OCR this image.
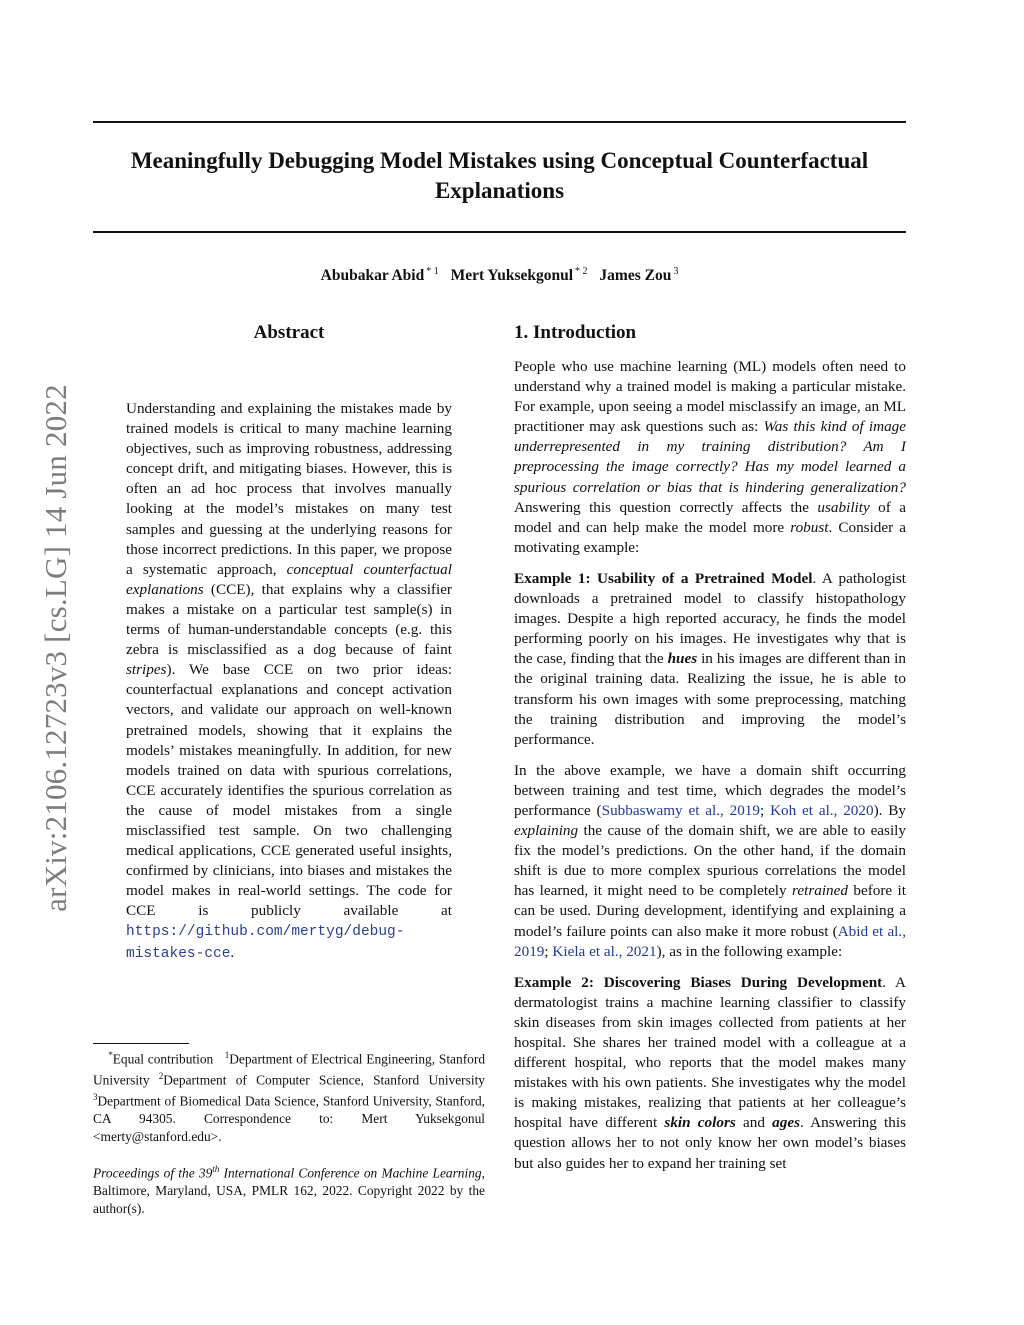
Meaningfully Debugging Model Mistakes using Conceptual Counterfactual
Explanations
Abubakar Abid $^{* 1}$ Mert Yuksekgonul $^{* 2}$ James Zou $^3$
arXiv:2106.12723v3 [cs.LG] 14 Jun 2022
Abstract	1. Introduction

Understanding and explaining the mistakes made by trained models is critical to many machine learning objectives, such as improving robustness, addressing concept drift, and mitigating biases. However, this is often an ad hoc process that involves manually looking at the model’s mistakes on many test samples and guessing at the underlying reasons for those incorrect predictions. In this paper, we propose a systematic approach, conceptual counterfactual explanations (CCE), that explains why a classifier makes a mistake on a particular test sample(s) in terms of human-understandable concepts (e.g. this zebra is misclassified as a dog because of faint stripes). We base CCE on two prior ideas: counterfactual explanations and concept activation vectors, and validate our approach on well-known pretrained models, showing that it explains the models’ mistakes meaningfully. In addition, for new models trained on data with spurious correlations, CCE accurately identifies the spurious correlation as the cause of model mistakes from a single misclassified test sample. On two challenging medical applications, CCE generated useful insights, confirmed by clinicians, into biases and mistakes the model makes in real-world settings. The code for CCE is publicly available at https://github.com/mertyg/debug-mistakes-cce.

*Equal contribution $^1$Department of Electrical Engineering, Stanford University $^2$Department of Computer Science, Stanford University $^3$Department of Biomedical Data Science, Stanford University, Stanford, CA 94305. Correspondence to: Mert Yuksekgonul <merty@stanford.edu>.

Proceedings of the 39th International Conference on Machine Learning, Baltimore, Maryland, USA, PMLR 162, 2022. Copyright 2022 by the author(s).

People who use machine learning (ML) models often need to understand why a trained model is making a particular mistake. For example, upon seeing a model misclassify an image, an ML practitioner may ask questions such as: Was this kind of image underrepresented in my training distribution? Am I preprocessing the image correctly? Has my model learned a spurious correlation or bias that is hindering generalization? Answering this question correctly affects the usability of a model and can help make the model more robust. Consider a motivating example:

Example 1: Usability of a Pretrained Model. A pathologist downloads a pretrained model to classify histopathology images. Despite a high reported accuracy, he finds the model performing poorly on his images. He investigates why that is the case, finding that the hues in his images are different than in the original training data. Realizing the issue, he is able to transform his own images with some preprocessing, matching the training distribution and improving the model’s performance.

In the above example, we have a domain shift occurring between training and test time, which degrades the model’s performance (Subbaswamy et al., 2019; Koh et al., 2020). By explaining the cause of the domain shift, we are able to easily fix the model’s predictions. On the other hand, if the domain shift is due to more complex spurious correlations the model has learned, it might need to be completely retrained before it can be used. During development, identifying and explaining a model’s failure points can also make it more robust (Abid et al., 2019; Kiela et al., 2021), as in the following example:

Example 2: Discovering Biases During Development. A dermatologist trains a machine learning classifier to classify skin diseases from skin images collected from patients at her hospital. She shares her trained model with a colleague at a different hospital, who reports that the model makes many mistakes with his own patients. She investigates why the model is making mistakes, realizing that patients at her colleague’s hospital have different skin colors and ages. Answering this question allows her to not only know her own model’s biases but also guides her to expand her training set
